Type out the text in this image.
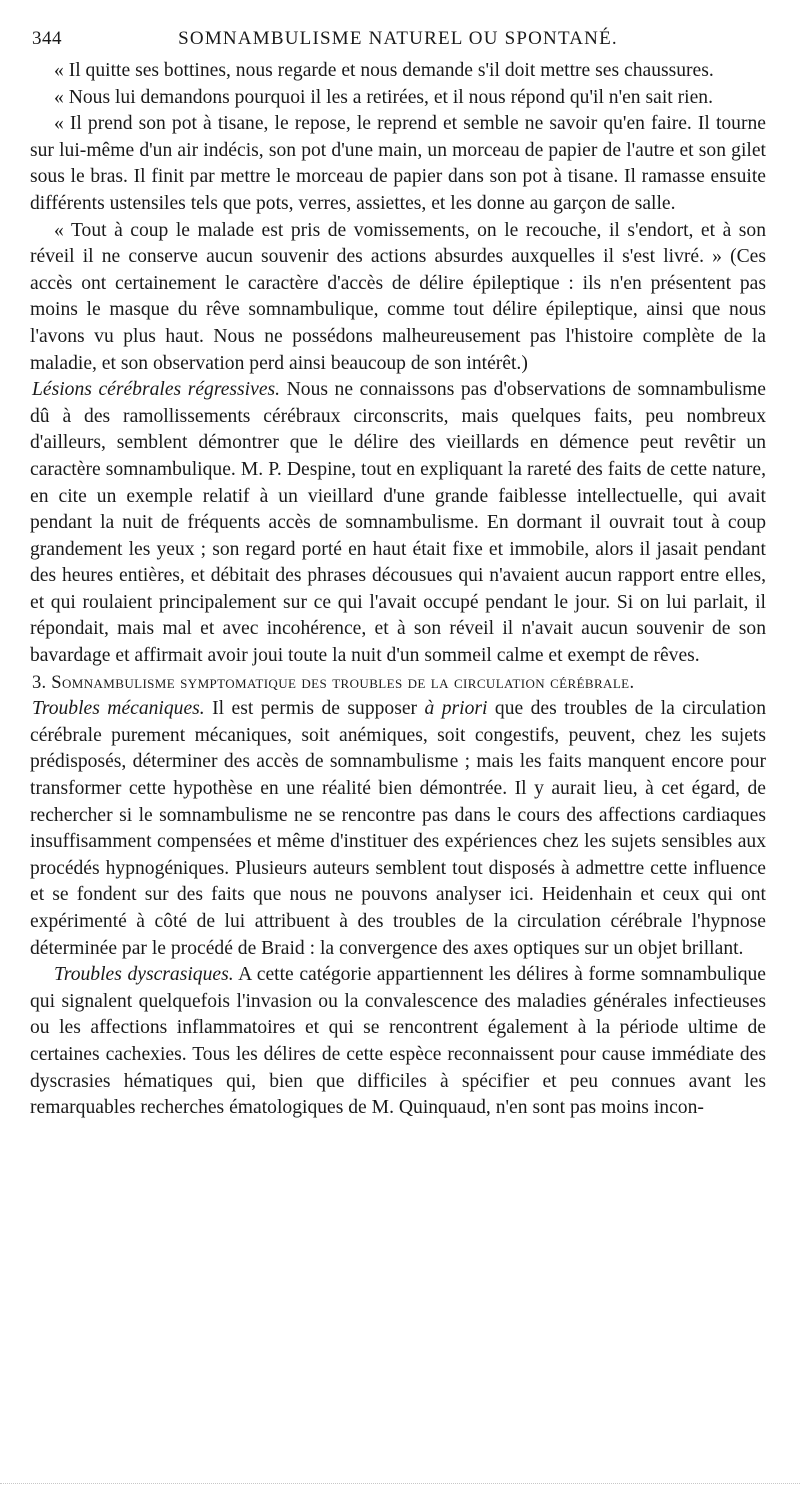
344	SOMNAMBULISME NATUREL OU SPONTANÉ.

« Il quitte ses bottines, nous regarde et nous demande s'il doit mettre ses chaussures.

« Nous lui demandons pourquoi il les a retirées, et il nous répond qu'il n'en sait rien.

« Il prend son pot à tisane, le repose, le reprend et semble ne savoir qu'en faire. Il tourne sur lui-même d'un air indécis, son pot d'une main, un morceau de papier de l'autre et son gilet sous le bras. Il finit par mettre le morceau de papier dans son pot à tisane. Il ramasse ensuite différents ustensiles tels que pots, verres, assiettes, et les donne au garçon de salle.

« Tout à coup le malade est pris de vomissements, on le recouche, il s'endort, et à son réveil il ne conserve aucun souvenir des actions absurdes auxquelles il s'est livré. » (Ces accès ont certainement le caractère d'accès de délire épileptique : ils n'en présentent pas moins le masque du rêve somnambulique, comme tout délire épileptique, ainsi que nous l'avons vu plus haut. Nous ne possédons malheureusement pas l'histoire complète de la maladie, et son observation perd ainsi beaucoup de son intérêt.)

Lésions cérébrales régressives. Nous ne connaissons pas d'observations de somnambulisme dû à des ramollissements cérébraux circonscrits, mais quelques faits, peu nombreux d'ailleurs, semblent démontrer que le délire des vieillards en démence peut revêtir un caractère somnambulique. M. P. Despine, tout en expliquant la rareté des faits de cette nature, en cite un exemple relatif à un vieillard d'une grande faiblesse intellectuelle, qui avait pendant la nuit de fréquents accès de somnambulisme. En dormant il ouvrait tout à coup grandement les yeux ; son regard porté en haut était fixe et immobile, alors il jasait pendant des heures entières, et débitait des phrases décousues qui n'avaient aucun rapport entre elles, et qui roulaient principalement sur ce qui l'avait occupé pendant le jour. Si on lui parlait, il répondait, mais mal et avec incohérence, et à son réveil il n'avait aucun souvenir de son bavardage et affirmait avoir joui toute la nuit d'un sommeil calme et exempt de rêves.

3. Somnambulisme symptomatique des troubles de la circulation cérébrale.

Troubles mécaniques. Il est permis de supposer à priori que des troubles de la circulation cérébrale purement mécaniques, soit anémiques, soit congestifs, peuvent, chez les sujets prédisposés, déterminer des accès de somnambulisme ; mais les faits manquent encore pour transformer cette hypothèse en une réalité bien démontrée. Il y aurait lieu, à cet égard, de rechercher si le somnambulisme ne se rencontre pas dans le cours des affections cardiaques insuffisamment compensées et même d'instituer des expériences chez les sujets sensibles aux procédés hypnogéniques. Plusieurs auteurs semblent tout disposés à admettre cette influence et se fondent sur des faits que nous ne pouvons analyser ici. Heidenhain et ceux qui ont expérimenté à côté de lui attribuent à des troubles de la circulation cérébrale l'hypnose déterminée par le procédé de Braid : la convergence des axes optiques sur un objet brillant.

Troubles dyscrasiques. A cette catégorie appartiennent les délires à forme somnambulique qui signalent quelquefois l'invasion ou la convalescence des maladies générales infectieuses ou les affections inflammatoires et qui se rencontrent également à la période ultime de certaines cachexies. Tous les délires de cette espèce reconnaissent pour cause immédiate des dyscrasies hématiques qui, bien que difficiles à spécifier et peu connues avant les remarquables recherches ématologiques de M. Quinquaud, n'en sont pas moins incon-
